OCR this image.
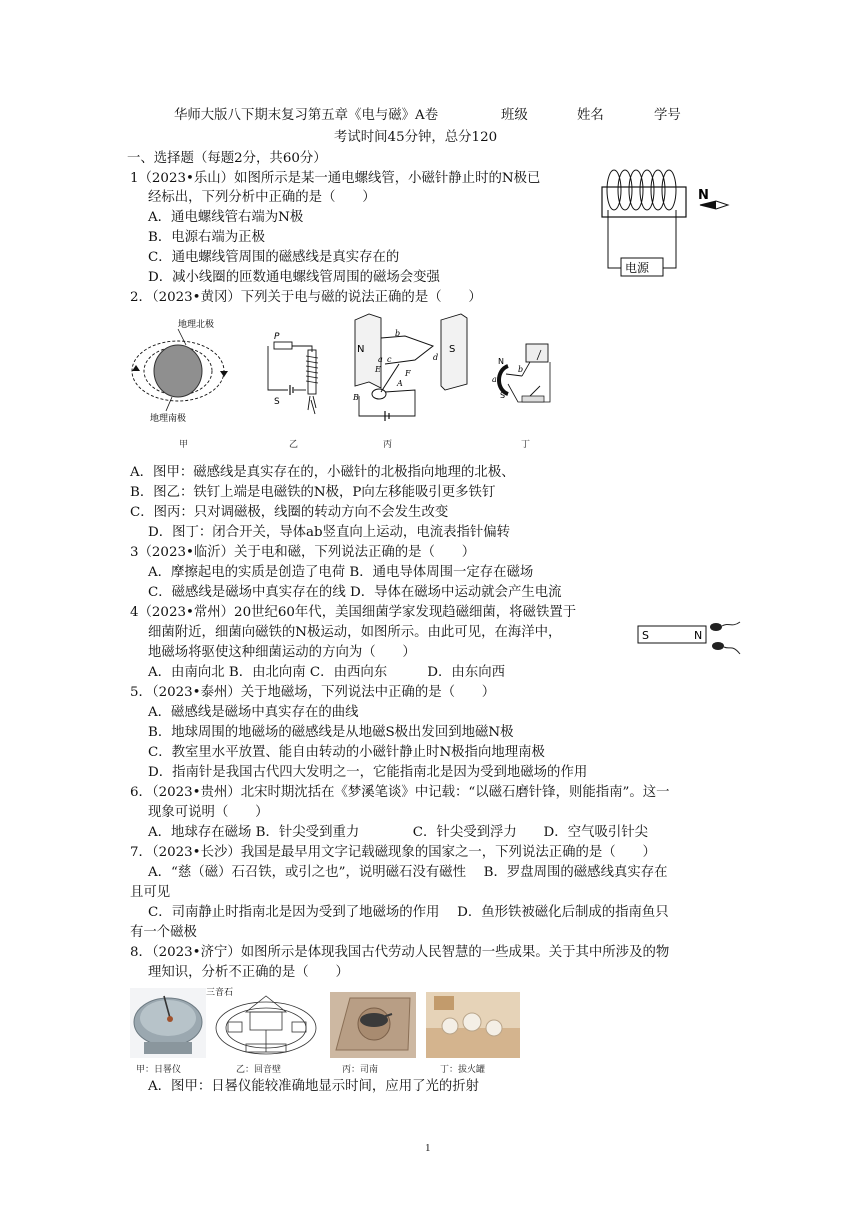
华师大版八下期末复习第五章《电与磁》A卷	班级	姓名	学号
考试时间45分钟，总分120
一、选择题（每题2分，共60分）
1（2023•乐山）如图所示是某一通电螺线管，小磁针静止时的N极已
经标出，下列分析中正确的是（　　）
A．通电螺线管右端为N极
B．电源右端为正极
C．通电螺线管周围的磁感线是真实存在的
D．减小线圈的匝数通电螺线管周围的磁场会变强
电源
N
2．（2023•黄冈）下列关于电与磁的说法正确的是（　　）
地理北极
地理南极
甲
P
S
乙
N	S
b
a c	d
E	F
A
B
丙
N
S
a
b
丁
A．图甲：磁感线是真实存在的，小磁针的北极指向地理的北极、
B．图乙：铁钉上端是电磁铁的N极，P向左移能吸引更多铁钉
C．图丙：只对调磁极，线圈的转动方向不会发生改变
D．图丁：闭合开关，导体ab竖直向上运动，电流表指针偏转
3（2023•临沂）关于电和磁，下列说法正确的是（　　）
A．摩擦起电的实质是创造了电荷 B．通电导体周围一定存在磁场
C．磁感线是磁场中真实存在的线 D．导体在磁场中运动就会产生电流
4（2023•常州）20世纪60年代，美国细菌学家发现趋磁细菌，将磁铁置于
细菌附近，细菌向磁铁的N极运动，如图所示。由此可见，在海洋中，
地磁场将驱使这种细菌运动的方向为（　　）
A．由南向北 B．由北向南 C．由西向东　　　D．由东向西
S	N
5．（2023•泰州）关于地磁场，下列说法中正确的是（　　）
A．磁感线是磁场中真实存在的曲线
B．地球周围的地磁场的磁感线是从地磁S极出发回到地磁N极
C．教室里水平放置、能自由转动的小磁针静止时N极指向地理南极
D．指南针是我国古代四大发明之一，它能指南北是因为受到地磁场的作用
6．（2023•贵州）北宋时期沈括在《梦溪笔谈》中记载：“以磁石磨针锋，则能指南”。这一
现象可说明（　　）
A．地球存在磁场 B．针尖受到重力　　　　C．针尖受到浮力　　D．空气吸引针尖
7．（2023•长沙）我国是最早用文字记载磁现象的国家之一，下列说法正确的是（　　）
A．“慈（磁）石召铁，或引之也”，说明磁石没有磁性　 B．罗盘周围的磁感线真实存在
且可见
C．司南静止时指南北是因为受到了地磁场的作用　 D．鱼形铁被磁化后制成的指南鱼只
有一个磁极
8．（2023•济宁）如图所示是体现我国古代劳动人民智慧的一些成果。关于其中所涉及的物
理知识，分析不正确的是（　　）
三音石
甲：日晷仪	乙：回音壁	丙：司南	丁：拔火罐
A．图甲：日晷仪能较准确地显示时间，应用了光的折射
1
